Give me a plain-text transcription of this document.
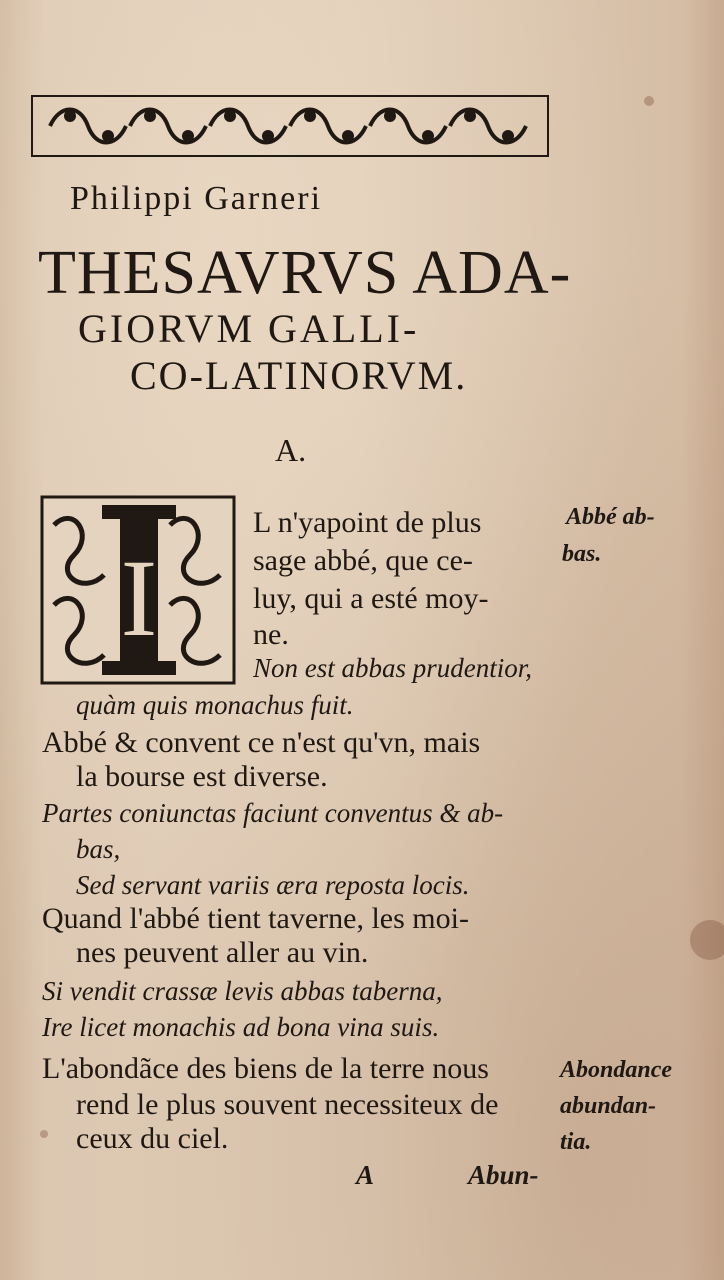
Philippi Garneri
THESAVRVS ADA-
GIORVM GALLI-
CO-LATINORVM.
A.
I
L n'yapoint de plus
sage abbé, que ce-
luy, qui a esté moy-
ne.
Non est abbas prudentior,
quàm quis monachus fuit.
Abbé & convent ce n'est qu'vn, mais
la bourse est diverse.
Partes coniunctas faciunt conventus & ab-
bas,
Sed servant variis æra reposta locis.
Quand l'abbé tient taverne, les moi-
nes peuvent aller au vin.
Si vendit crassæ levis abbas taberna,
Ire licet monachis ad bona vina suis.
L'abondãce des biens de la terre nous
rend le plus souvent necessiteux de
ceux du ciel.
Abbé ab-
bas.
Abondance
abundan-
tia.
A	Abun-
